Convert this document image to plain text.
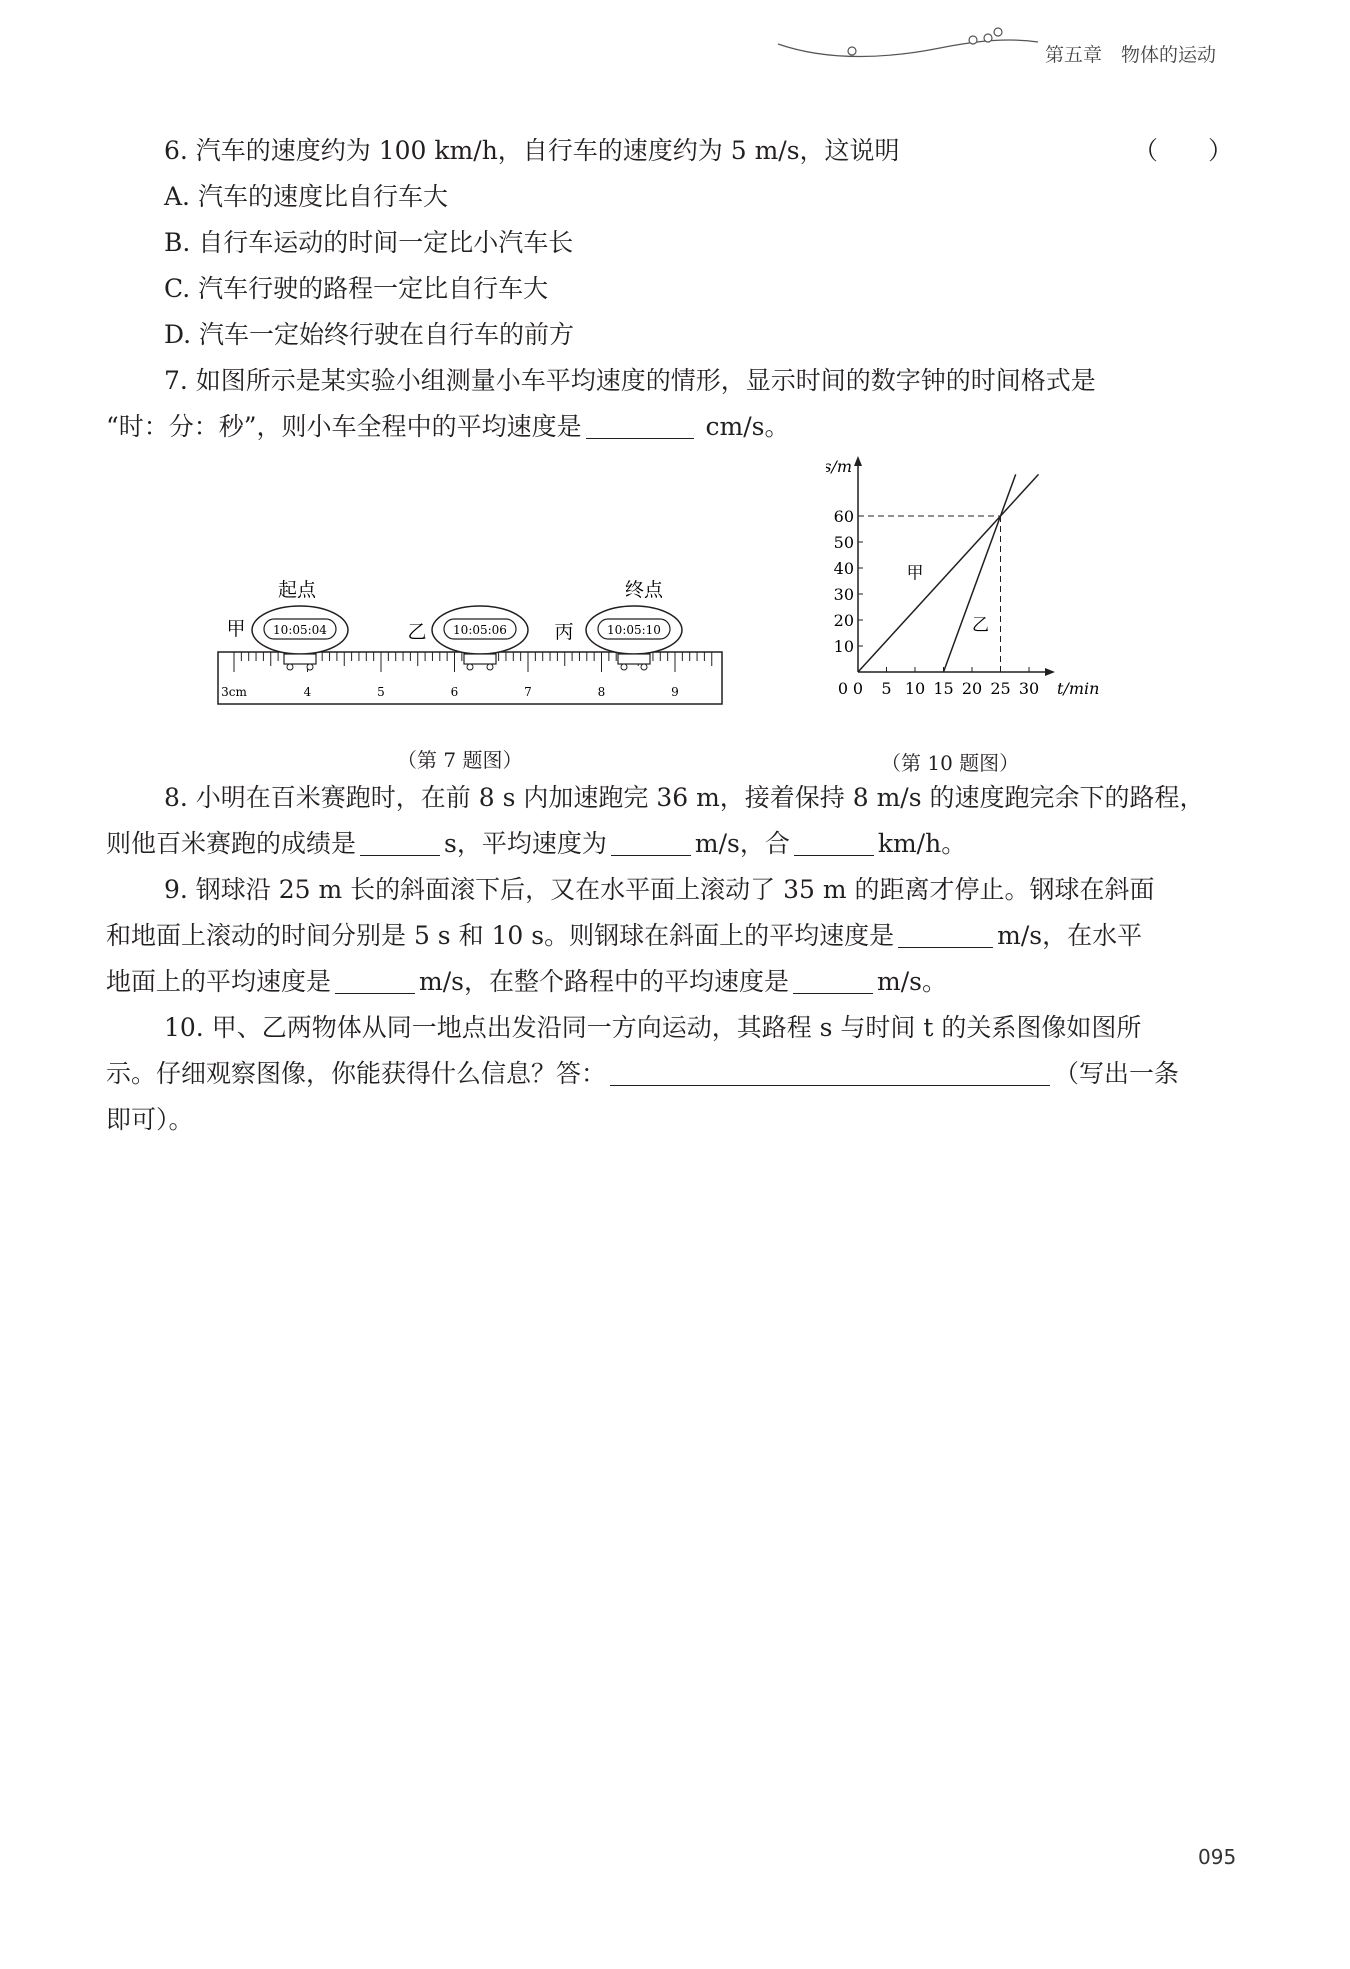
第五章　物体的运动
6. 汽车的速度约为 100 km/h，自行车的速度约为 5 m/s，这说明	（　　）
A. 汽车的速度比自行车大
B. 自行车运动的时间一定比小汽车长
C. 汽车行驶的路程一定比自行车大
D. 汽车一定始终行驶在自行车的前方
7. 如图所示是某实验小组测量小车平均速度的情形，显示时间的数字钟的时间格式是
“时：分：秒”，则小车全程中的平均速度是	cm/s。
3cm	4	5	6	7	8	9
起点	终点
甲 10:05:04	乙 10:05:06	丙	10:05:10
（第 7 题图）
0 5 10 15 20 25 30
10
20
30
40
50
60
0	t/min
s/m
甲
乙
（第 10 题图）
8. 小明在百米赛跑时，在前 8 s 内加速跑完 36 m，接着保持 8 m/s 的速度跑完余下的路程，
则他百米赛跑的成绩是	s，平均速度为	m/s，合	km/h。
9. 钢球沿 25 m 长的斜面滚下后，又在水平面上滚动了 35 m 的距离才停止。钢球在斜面
和地面上滚动的时间分别是 5 s 和 10 s。则钢球在斜面上的平均速度是	m/s，在水平
地面上的平均速度是	m/s，在整个路程中的平均速度是	m/s。
10. 甲、乙两物体从同一地点出发沿同一方向运动，其路程 s 与时间 t 的关系图像如图所
示。仔细观察图像，你能获得什么信息？答：	（写出一条
即可）。
095
